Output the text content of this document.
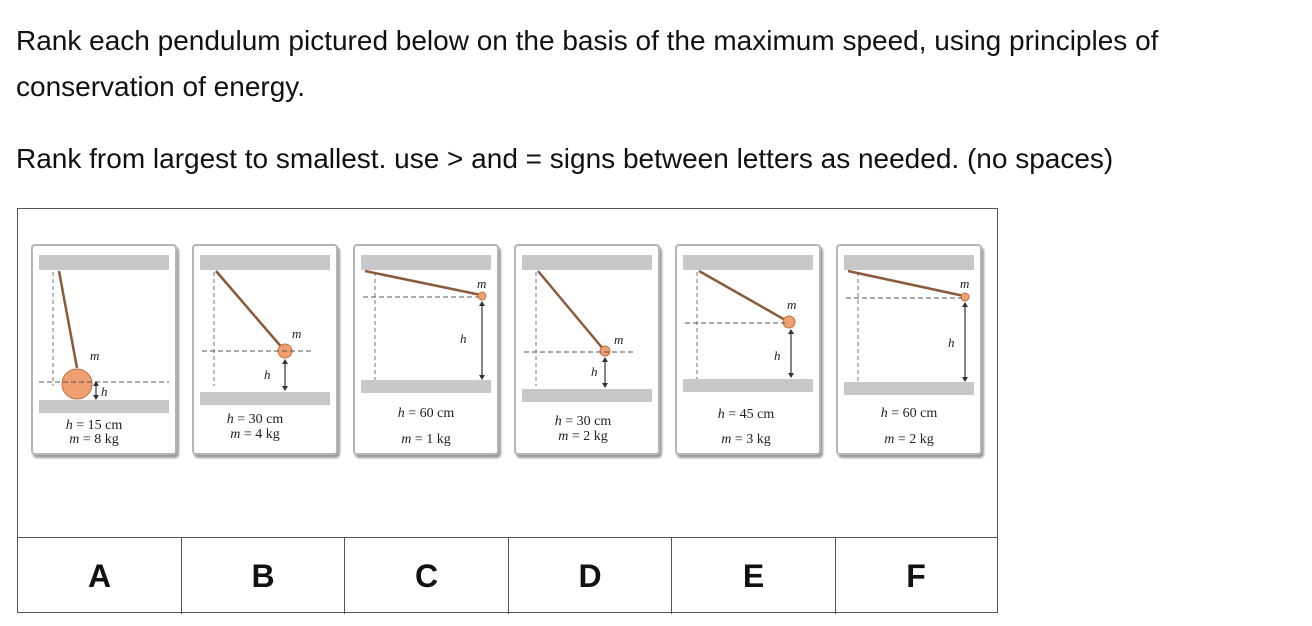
Rank each pendulum pictured below on the basis of the maximum speed, using principles of conservation of energy.

Rank from largest to smallest. use > and = signs between letters as needed. (no spaces)

m
h
h = 15 cm
m = 8 kg
m
h
h = 30 cm
m = 4 kg
m
h
h = 60 cm
m = 1 kg
m
h
h = 30 cm
m = 2 kg
m
h
h = 45 cm
m = 3 kg
m
h
h = 60 cm
m = 2 kg
A	B	C	D	E	F
